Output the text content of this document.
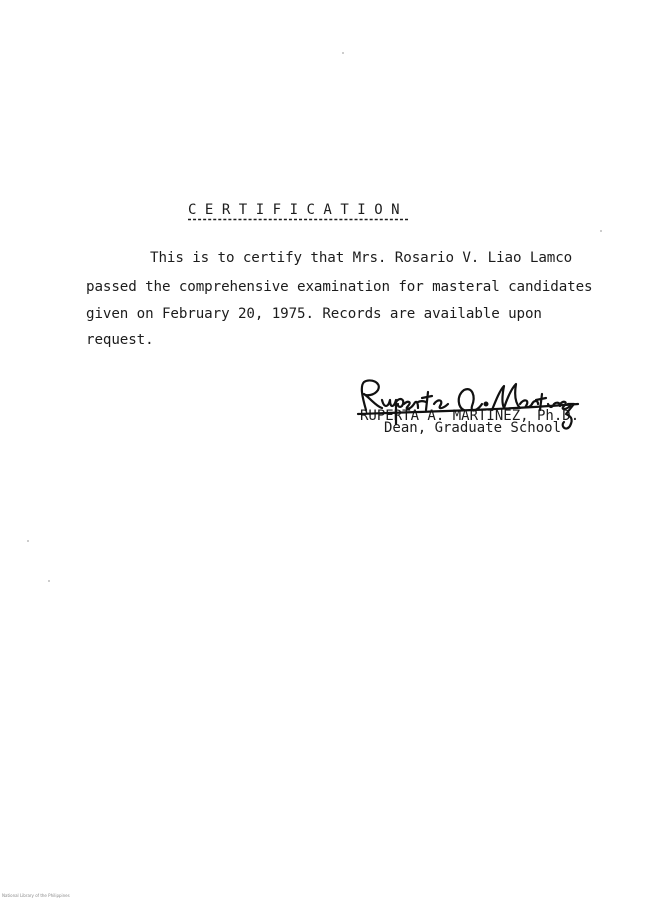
CERTIFICATION
This is to certify that Mrs. Rosario V. Liao Lamco
passed the comprehensive examination for masteral candidates
given on February 20, 1975. Records are available upon
request.
RUPERTA A. MARTINEZ, Ph.D.
Dean, Graduate School
National Library of the Philippines
